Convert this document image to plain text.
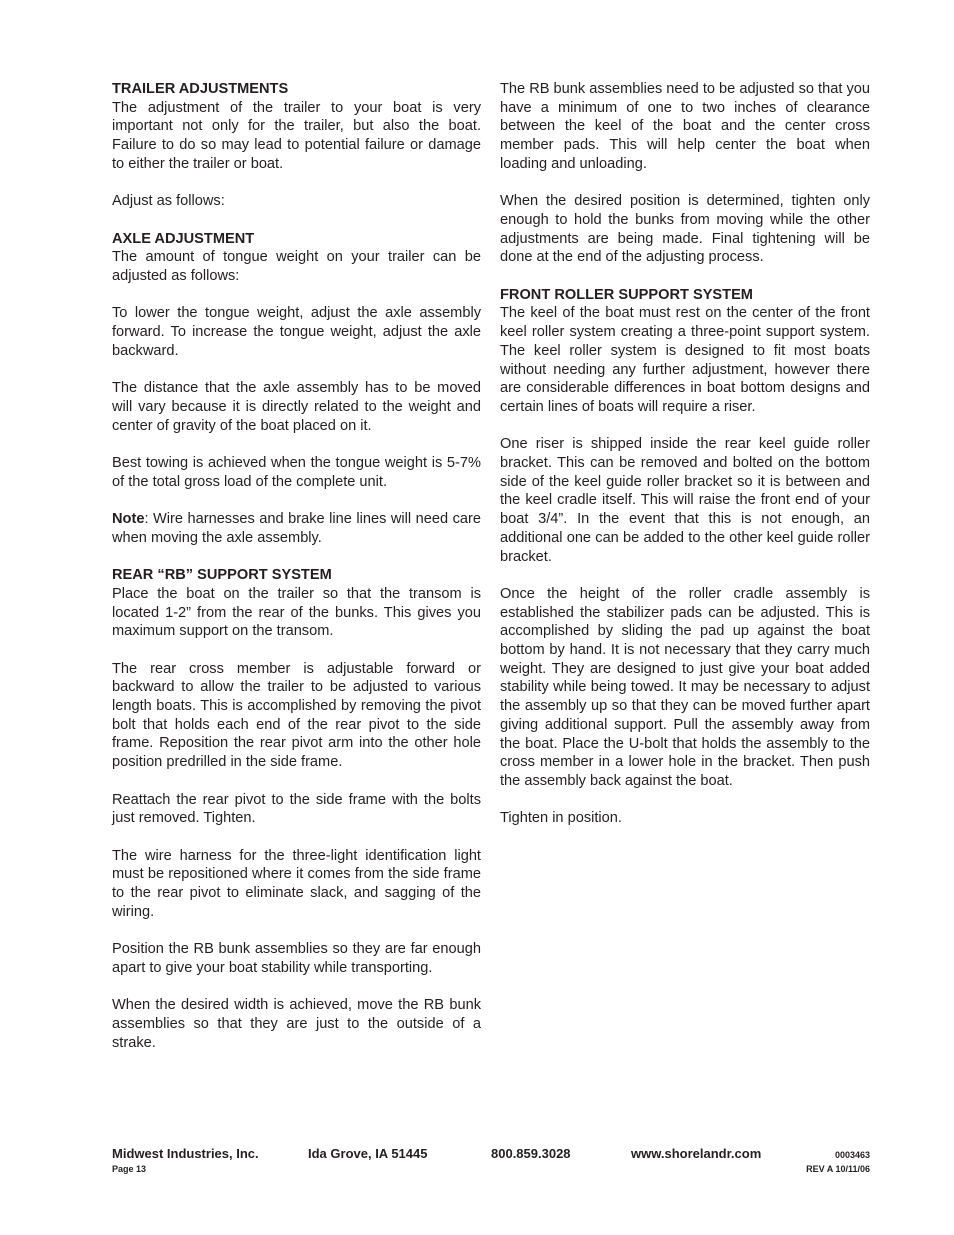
TRAILER ADJUSTMENTS

The adjustment of the trailer to your boat is very important not only for the trailer, but also the boat. Failure to do so may lead to potential failure or damage to either the trailer or boat.

Adjust as follows:

AXLE ADJUSTMENT

The amount of tongue weight on your trailer can be adjusted as follows:

To lower the tongue weight, adjust the axle assembly forward. To increase the tongue weight, adjust the axle backward.

The distance that the axle assembly has to be moved will vary because it is directly related to the weight and center of gravity of the boat placed on it.

Best towing is achieved when the tongue weight is 5-7% of the total gross load of the complete unit.

Note: Wire harnesses and brake line lines will need care when moving the axle assembly.

REAR “RB” SUPPORT SYSTEM

Place the boat on the trailer so that the transom is located 1-2” from the rear of the bunks. This gives you maximum support on the transom.

The rear cross member is adjustable forward or backward to allow the trailer to be adjusted to various length boats. This is accomplished by removing the pivot bolt that holds each end of the rear pivot to the side frame. Reposition the rear pivot arm into the other hole position predrilled in the side frame.

Reattach the rear pivot to the side frame with the bolts just removed. Tighten.

The wire harness for the three-light identification light must be repositioned where it comes from the side frame to the rear pivot to eliminate slack, and sagging of the wiring.

Position the RB bunk assemblies so they are far enough apart to give your boat stability while transporting.

When the desired width is achieved, move the RB bunk assemblies so that they are just to the outside of a strake.

The RB bunk assemblies need to be adjusted so that you have a minimum of one to two inches of clearance between the keel of the boat and the center cross member pads. This will help center the boat when loading and unloading.

When the desired position is determined, tighten only enough to hold the bunks from moving while the other adjustments are being made. Final tightening will be done at the end of the adjusting process.

FRONT ROLLER SUPPORT SYSTEM

The keel of the boat must rest on the center of the front keel roller system creating a three-point support system. The keel roller system is designed to fit most boats without needing any further adjustment, however there are considerable differences in boat bottom designs and certain lines of boats will require a riser.

One riser is shipped inside the rear keel guide roller bracket. This can be removed and bolted on the bottom side of the keel guide roller bracket so it is between and the keel cradle itself. This will raise the front end of your boat 3/4”. In the event that this is not enough, an additional one can be added to the other keel guide roller bracket.

Once the height of the roller cradle assembly is established the stabilizer pads can be adjusted. This is accomplished by sliding the pad up against the boat bottom by hand. It is not necessary that they carry much weight. They are designed to just give your boat added stability while being towed. It may be necessary to adjust the assembly up so that they can be moved further apart giving additional support. Pull the assembly away from the boat. Place the U-bolt that holds the assembly to the cross member in a lower hole in the bracket. Then push the assembly back against the boat.

Tighten in position.

Midwest Industries, Inc.	Ida Grove, IA 51445	800.859.3028	www.shorelandr.com	0003463
Page 13	REV A 10/11/06
